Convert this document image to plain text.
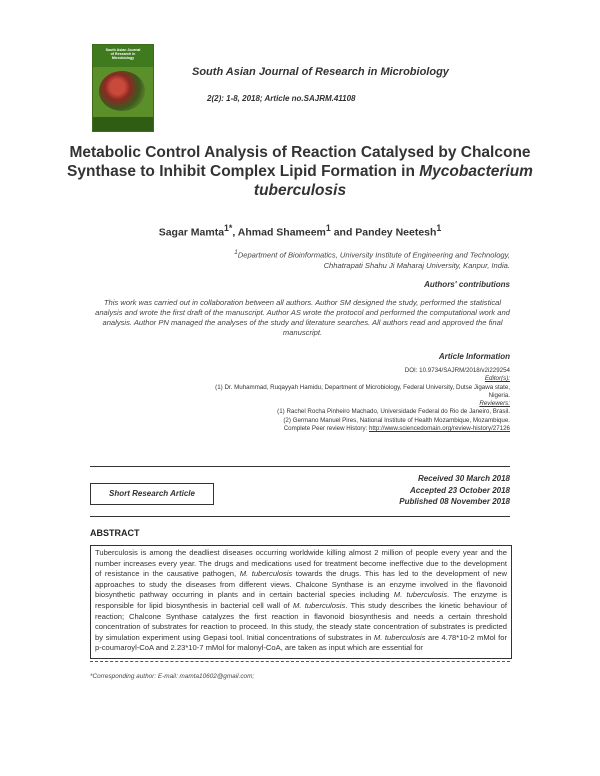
South Asian Journal
of Research in
Microbiology
South Asian Journal of Research in Microbiology
2(2): 1-8, 2018; Article no.SAJRM.41108
Metabolic Control Analysis of Reaction Catalysed by Chalcone Synthase to Inhibit Complex Lipid Formation in Mycobacterium tuberculosis
Sagar Mamta$^{1*}$, Ahmad Shameem$^1$ and Pandey Neetesh$^1$
$^1$Department of Bioinformatics, University Institute of Engineering and Technology,
Chhatrapati Shahu Ji Maharaj University, Kanpur, India.
Authors' contributions
This work was carried out in collaboration between all authors. Author SM designed the study, performed the statistical analysis and wrote the first draft of the manuscript. Author AS wrote the protocol and performed the computational work and analysis. Author PN managed the analyses of the study and literature searches. All authors read and approved the final manuscript.
Article Information
DOI: 10.9734/SAJRM/2018/v2i229254
Editor(s):
(1) Dr. Muhammad, Ruqayyah Hamidu, Department of Microbiology, Federal University, Dutse Jigawa state,
Nigeria.
Reviewers:
(1) Rachel Rocha Pinheiro Machado, Universidade Federal do Rio de Janeiro, Brasil.
(2) Germano Manuel Pires, National Institute of Health Mozambique, Mozambique.
Complete Peer review History: http://www.sciencedomain.org/review-history/27126
Received 30 March 2018
Accepted 23 October 2018
Published 08 November 2018
Short Research Article
ABSTRACT
Tuberculosis is among the deadliest diseases occurring worldwide killing almost 2 million of people every year and the number increases every year. The drugs and medications used for treatment become ineffective due to the development of resistance in the causative pathogen, M. tuberculosis towards the drugs. This has led to the development of new approaches to study the diseases from different views. Chalcone Synthase is an enzyme involved in the flavonoid biosynthetic pathway occurring in plants and in certain bacterial species including M. tuberculosis. The enzyme is responsible for lipid biosynthesis in bacterial cell wall of M. tuberculosis. This study describes the kinetic behaviour of reaction; Chalcone Synthase catalyzes the first reaction in flavonoid biosynthesis and needs a certain threshold concentration of substrates for reaction to proceed. In this study, the steady state concentration of substrates is predicted by simulation experiment using Gepasi tool. Initial concentrations of substrates in M. tuberculosis are 4.78*10-2 mMol for p-coumaroyl-CoA and 2.23*10-7 mMol for malonyl-CoA, are taken as input which are essential for
*Corresponding author: E-mail: mamta10602@gmail.com;
